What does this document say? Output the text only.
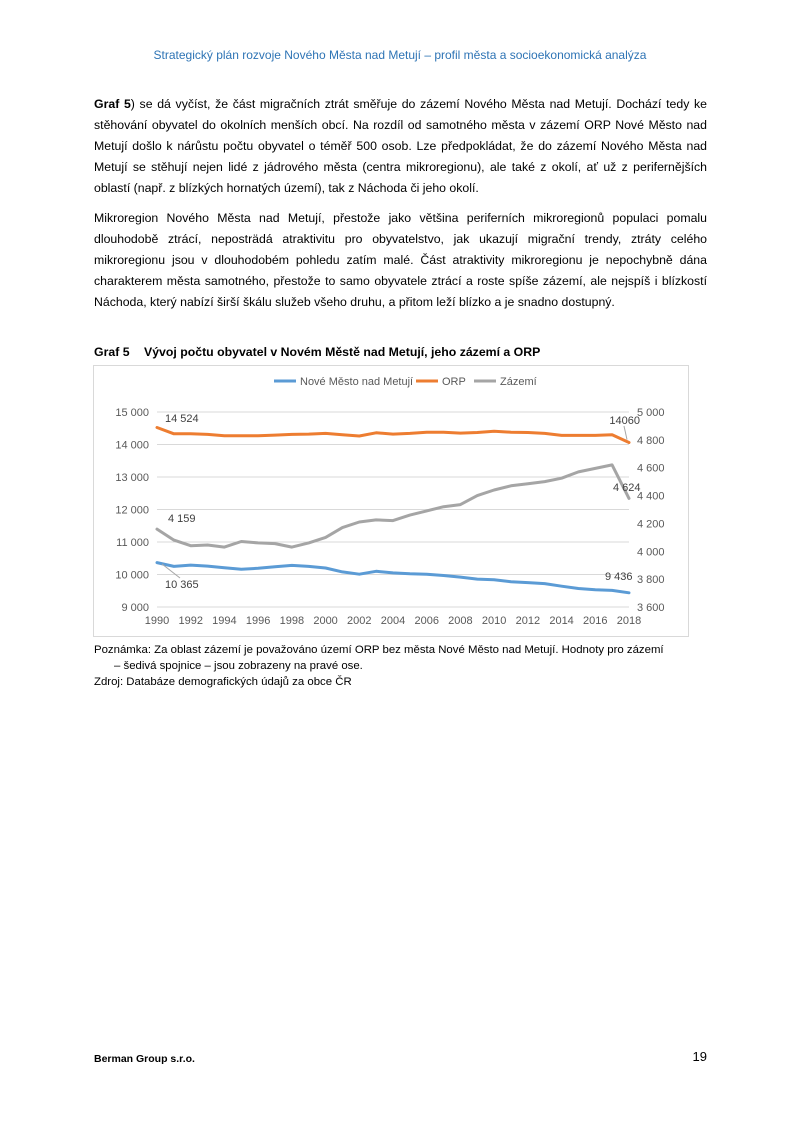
Strategický plán rozvoje Nového Města nad Metují – profil města a socioekonomická analýza

Graf 5) se dá vyčíst, že část migračních ztrát směřuje do zázemí Nového Města nad Metují. Dochází tedy ke stěhování obyvatel do okolních menších obcí. Na rozdíl od samotného města v zázemí ORP Nové Město nad Metují došlo k nárůstu počtu obyvatel o téměř 500 osob. Lze předpokládat, že do zázemí Nového Města nad Metují se stěhují nejen lidé z jádrového města (centra mikroregionu), ale také z okolí, ať už z perifernějších oblastí (např. z blízkých hornatých území), tak z Náchoda či jeho okolí.

Mikroregion Nového Města nad Metují, přestože jako většina periferních mikroregionů populaci pomalu dlouhodobě ztrácí, neposträdá atraktivitu pro obyvatelstvo, jak ukazují migrační trendy, ztráty celého mikroregionu jsou v dlouhodobém pohledu zatím malé. Část atraktivity mikroregionu je nepochybně dána charakterem města samotného, přestože to samo obyvatele ztrácí a roste spíše zázemí, ale nejspíš i blízkostí Náchoda, který nabízí širší škálu služeb všeho druhu, a přitom leží blízko a je snadno dostupný.

Graf 5 Vývoj počtu obyvatel v Novém Městě nad Metují, jeho zázemí a ORP
9 000
10 000
11 000
12 000
13 000
14 000
15 000
3 600
3 800
4 000
4 200
4 400
4 600
4 800
5 000
1990 1992 1994 1996 1998 2000 2002 2004 2006 2008 2010 2012 2014 2016 2018
Nové Město nad Metují	ORP	Zázemí
14 524	14060
4 159
4 624
10 365
9 436
Poznámka: Za oblast zázemí je považováno území ORP bez města Nové Město nad Metují. Hodnoty pro zázemí
– šedivá spojnice – jsou zobrazeny na pravé ose.
Zdroj: Databáze demografických údajů za obce ČR
Berman Group s.r.o.	19
